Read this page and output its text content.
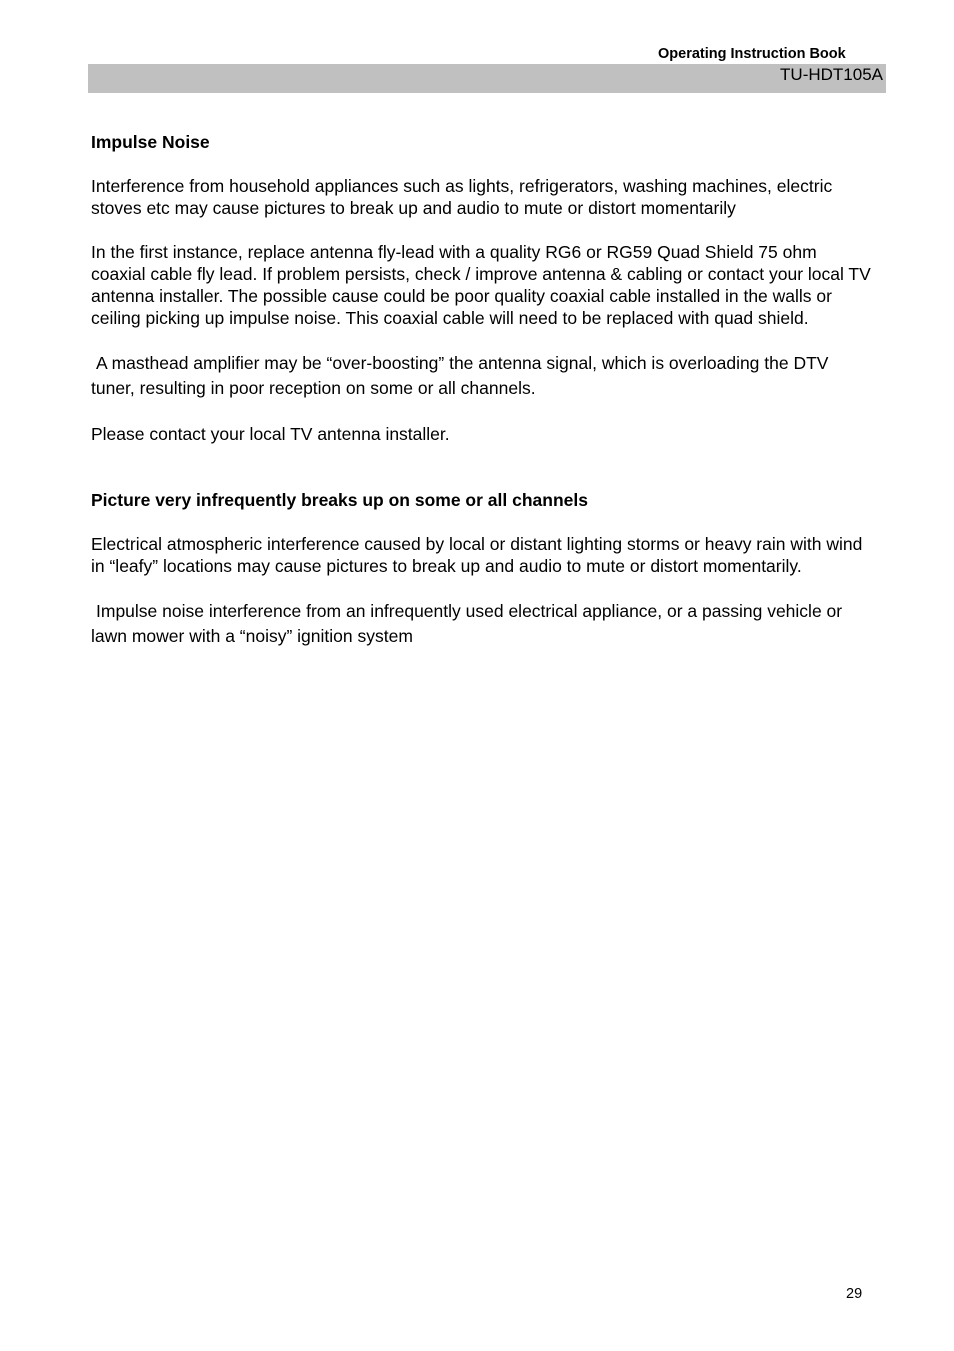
Operating Instruction Book
TU-HDT105A
Impulse Noise

Interference from household appliances such as lights, refrigerators, washing machines, electric stoves etc may cause pictures to break up and audio to mute or distort momentarily

In the first instance, replace antenna fly-lead with a quality RG6 or RG59 Quad Shield 75 ohm coaxial cable fly lead. If problem persists, check / improve antenna & cabling or contact your local TV antenna installer. The possible cause could be poor quality coaxial cable installed in the walls or ceiling picking up impulse noise. This coaxial cable will need to be replaced with quad shield.

A masthead amplifier may be “over-boosting” the antenna signal, which is overloading the DTV tuner, resulting in poor reception on some or all channels.

Please contact your local TV antenna installer.

Picture very infrequently breaks up on some or all channels

Electrical atmospheric interference caused by local or distant lighting storms or heavy rain with wind in “leafy” locations may cause pictures to break up and audio to mute or distort momentarily.

Impulse noise interference from an infrequently used electrical appliance, or a passing vehicle or lawn mower with a “noisy” ignition system

29
